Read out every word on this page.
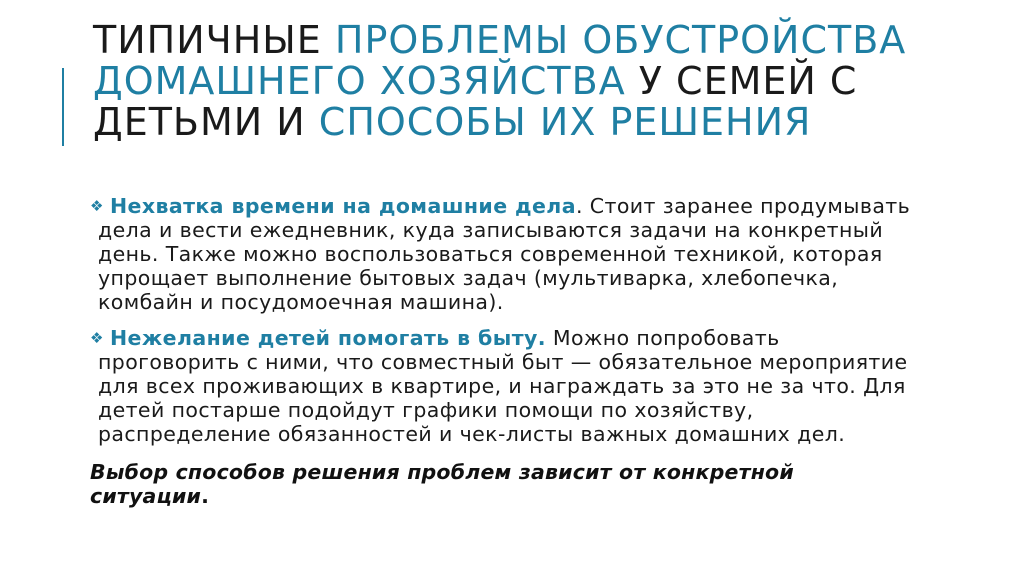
ТИПИЧНЫЕ ПРОБЛЕМЫ ОБУСТРОЙСТВА ДОМАШНЕГО ХОЗЯЙСТВА У СЕМЕЙ С ДЕТЬМИ И СПОСОБЫ ИХ РЕШЕНИЯ
❖ Нехватка времени на домашние дела. Стоит заранее продумывать дела и вести ежедневник, куда записываются задачи на конкретный день. Также можно воспользоваться современной техникой, которая упрощает выполнение бытовых задач (мультиварка, хлебопечка, комбайн и посудомоечная машина).
❖ Нежелание детей помогать в быту. Можно попробовать проговорить с ними, что совместный быт — обязательное мероприятие для всех проживающих в квартире, и награждать за это не за что. Для детей постарше подойдут графики помощи по хозяйству, распределение обязанностей и чек-листы важных домашних дел.
Выбор способов решения проблем зависит от конкретной ситуации.
